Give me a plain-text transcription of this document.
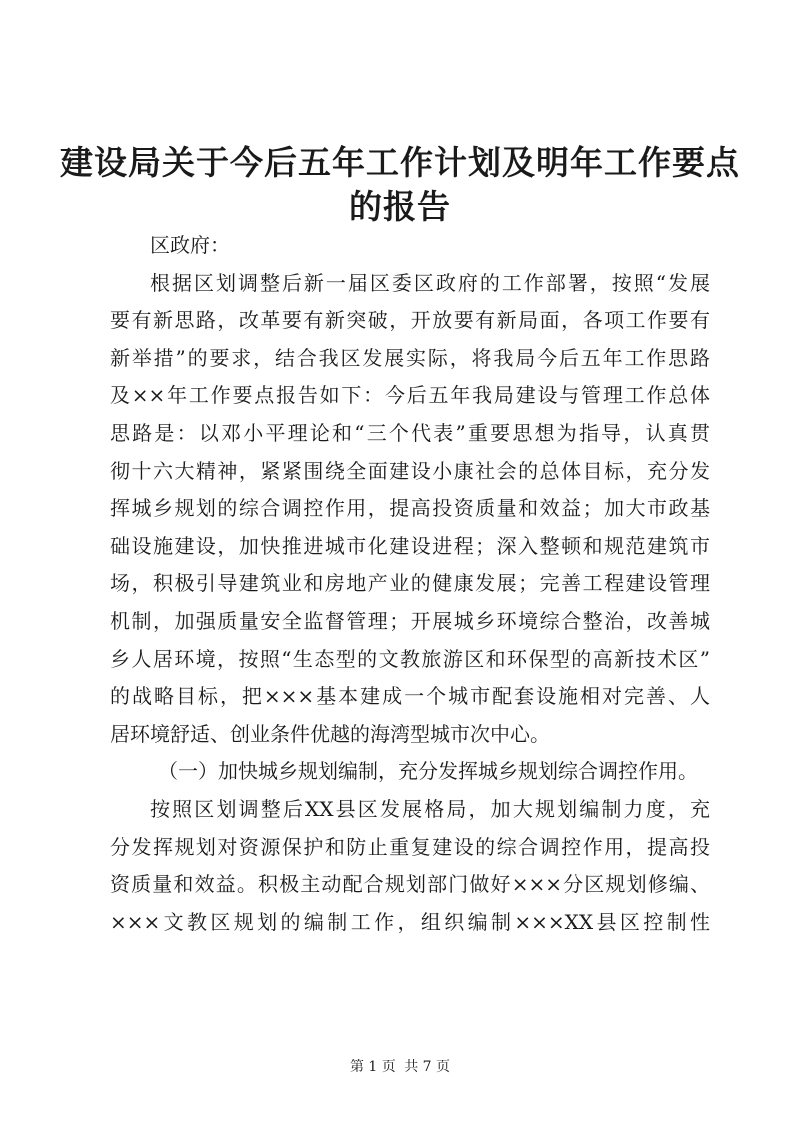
建设局关于今后五年工作计划及明年工作要点
的报告
区政府：
根据区划调整后新一届区委区政府的工作部署，按照“发展
要有新思路，改革要有新突破，开放要有新局面，各项工作要有
新举措”的要求，结合我区发展实际，将我局今后五年工作思路
及××年工作要点报告如下：今后五年我局建设与管理工作总体
思路是：以邓小平理论和“三个代表”重要思想为指导，认真贯
彻十六大精神，紧紧围绕全面建设小康社会的总体目标，充分发
挥城乡规划的综合调控作用，提高投资质量和效益；加大市政基
础设施建设，加快推进城市化建设进程；深入整顿和规范建筑市
场，积极引导建筑业和房地产业的健康发展；完善工程建设管理
机制，加强质量安全监督管理；开展城乡环境综合整治，改善城
乡人居环境，按照“生态型的文教旅游区和环保型的高新技术区”
的战略目标，把×××基本建成一个城市配套设施相对完善、人
居环境舒适、创业条件优越的海湾型城市次中心。
（一）加快城乡规划编制，充分发挥城乡规划综合调控作用。
按照区划调整后XX县区发展格局，加大规划编制力度，充
分发挥规划对资源保护和防止重复建设的综合调控作用，提高投
资质量和效益。积极主动配合规划部门做好×××分区规划修编、
×××文教区规划的编制工作，组织编制×××XX县区控制性
第 1 页 共 7 页
